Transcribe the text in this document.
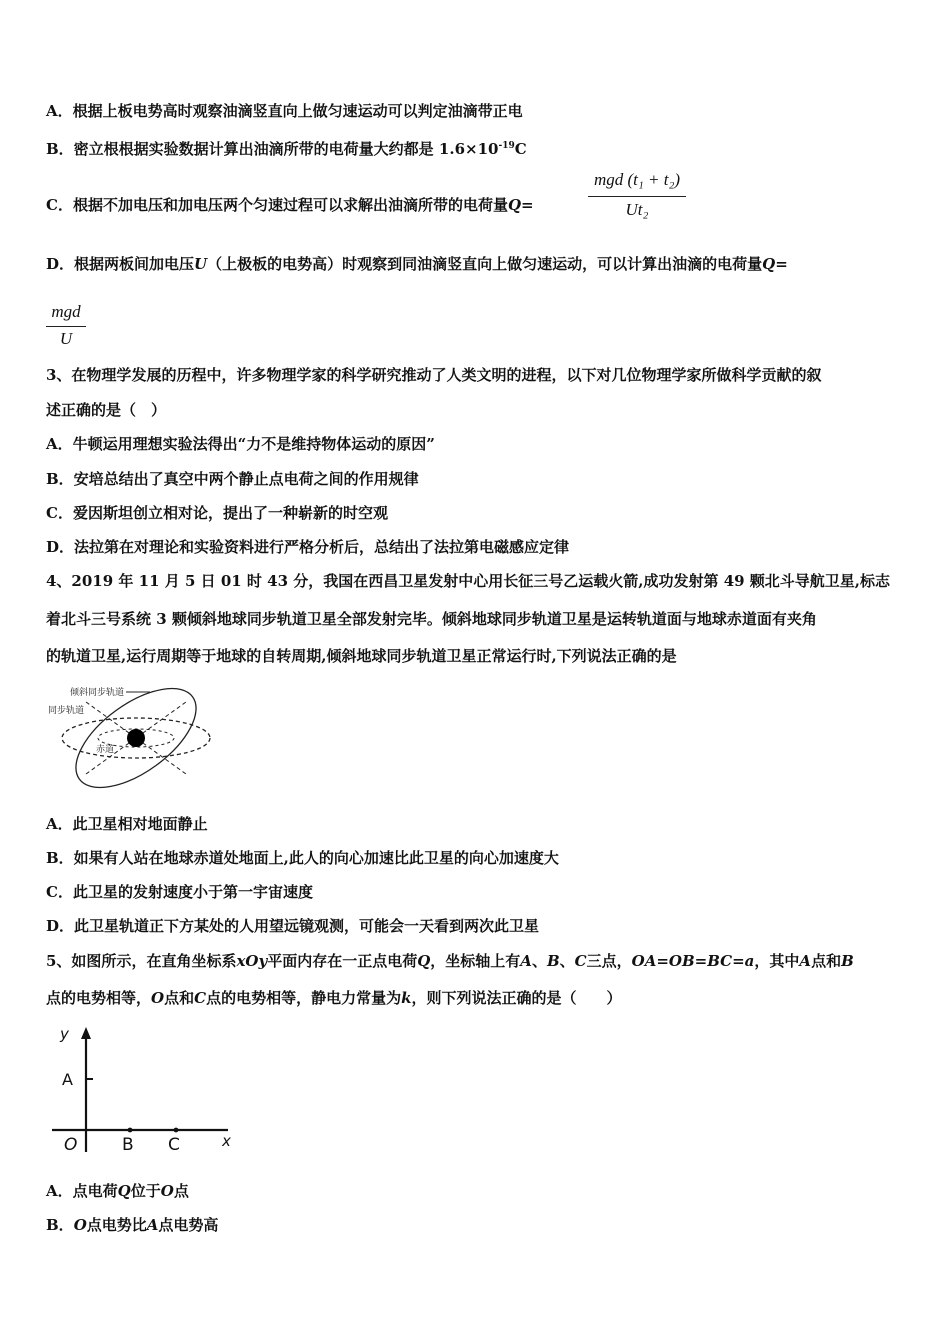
A．根据上板电势高时观察油滴竖直向上做匀速运动可以判定油滴带正电
B．密立根根据实验数据计算出油滴所带的电荷量大约都是 $1.6\times 10^{-19}C$
C．根据不加电压和加电压两个匀速过程可以求解出油滴所带的电荷量Q=
mgd (t₁ + t₂)
Ut₂
D．根据两板间加电压U（上极板的电势高）时观察到同油滴竖直向上做匀速运动，可以计算出油滴的电荷量Q=
mgd
U
3、在物理学发展的历程中，许多物理学家的科学研究推动了人类文明的进程，以下对几位物理学家所做科学贡献的叙
述正确的是（　）
A．牛顿运用理想实验法得出“力不是维持物体运动的原因”
B．安培总结出了真空中两个静止点电荷之间的作用规律
C．爱因斯坦创立相对论，提出了一种崭新的时空观
D．法拉第在对理论和实验资料进行严格分析后，总结出了法拉第电磁感应定律
4、2019 年 11 月 5 日 01 时 43 分，我国在西昌卫星发射中心用长征三号乙运载火箭,成功发射第 49 颗北斗导航卫星,标志
着北斗三号系统 3 颗倾斜地球同步轨道卫星全部发射完毕。倾斜地球同步轨道卫星是运转轨道面与地球赤道面有夹角
的轨道卫星,运行周期等于地球的自转周期,倾斜地球同步轨道卫星正常运行时,下列说法正确的是
倾斜同步轨道
同步轨道
赤道
A．此卫星相对地面静止
B．如果有人站在地球赤道处地面上,此人的向心加速比此卫星的向心加速度大
C．此卫星的发射速度小于第一宇宙速度
D．此卫星轨道正下方某处的人用望远镜观测，可能会一天看到两次此卫星
5、如图所示，在直角坐标系xOy平面内存在一正点电荷Q，坐标轴上有A、B、C三点，OA=OB=BC=a，其中A点和B
点的电势相等，O点和C点的电势相等，静电力常量为k，则下列说法正确的是（　　）
y
A
O	B C	x
A．点电荷Q位于O点
B．O点电势比A点电势高
